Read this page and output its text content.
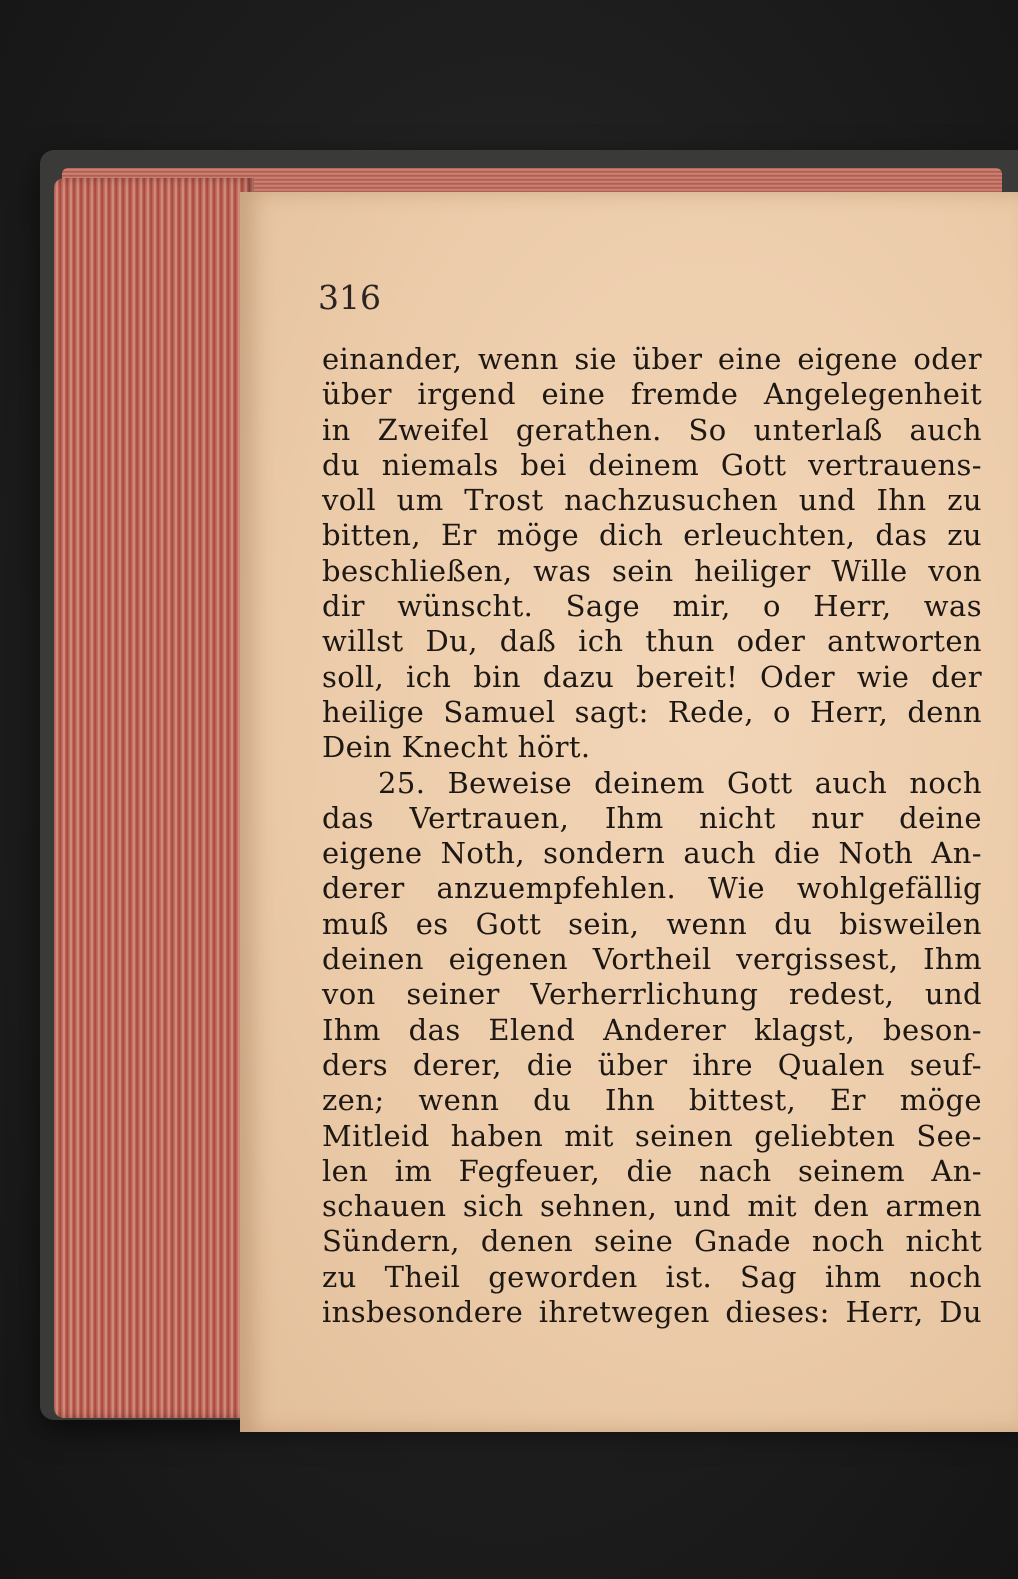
316
einander, wenn sie über eine eigene oder
über irgend eine fremde Angelegenheit
in Zweifel gerathen. So unterlaß auch
du niemals bei deinem Gott vertrauens-
voll um Trost nachzusuchen und Ihn zu
bitten, Er möge dich erleuchten, das zu
beschließen, was sein heiliger Wille von
dir wünscht. Sage mir, o Herr, was
willst Du, daß ich thun oder antworten
soll, ich bin dazu bereit! Oder wie der
heilige Samuel sagt: Rede, o Herr, denn
Dein Knecht hört.
25. Beweise deinem Gott auch noch
das Vertrauen, Ihm nicht nur deine
eigene Noth, sondern auch die Noth An-
derer anzuempfehlen. Wie wohlgefällig
muß es Gott sein, wenn du bisweilen
deinen eigenen Vortheil vergissest, Ihm
von seiner Verherrlichung redest, und
Ihm das Elend Anderer klagst, beson-
ders derer, die über ihre Qualen seuf-
zen; wenn du Ihn bittest, Er möge
Mitleid haben mit seinen geliebten See-
len im Fegfeuer, die nach seinem An-
schauen sich sehnen, und mit den armen
Sündern, denen seine Gnade noch nicht
zu Theil geworden ist. Sag ihm noch
insbesondere ihretwegen dieses: Herr, Du
